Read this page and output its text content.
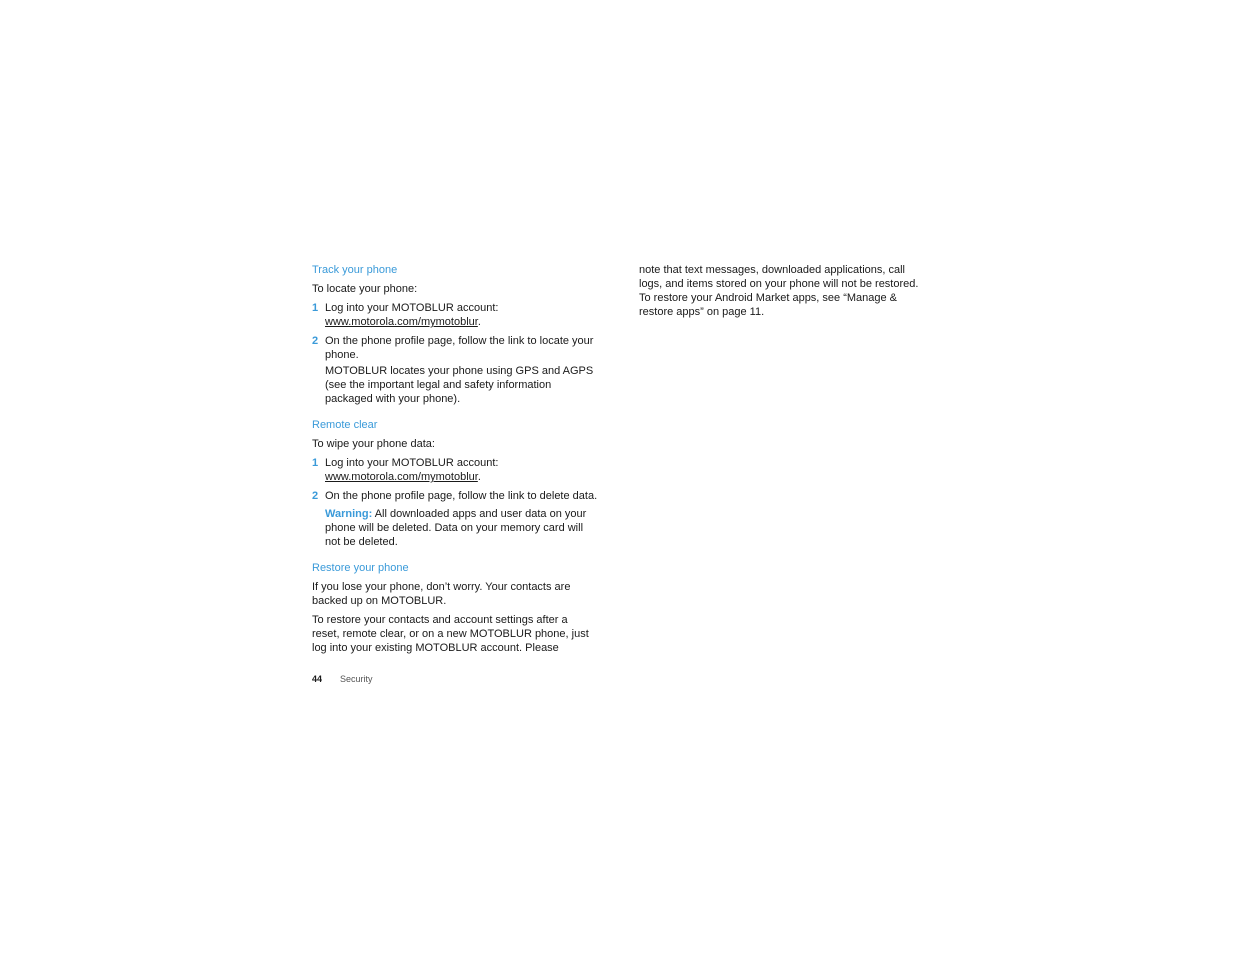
Track your phone
To locate your phone:
1 Log into your MOTOBLUR account:
www.motorola.com/mymotoblur.
2 On the phone profile page, follow the link to locate your phone.
MOTOBLUR locates your phone using GPS and AGPS (see the important legal and safety information packaged with your phone).
Remote clear
To wipe your phone data:
1 Log into your MOTOBLUR account:
www.motorola.com/mymotoblur.
2 On the phone profile page, follow the link to delete data.
Warning: All downloaded apps and user data on your phone will be deleted. Data on your memory card will not be deleted.
Restore your phone
If you lose your phone, don’t worry. Your contacts are backed up on MOTOBLUR.
To restore your contacts and account settings after a reset, remote clear, or on a new MOTOBLUR phone, just log into your existing MOTOBLUR account. Please
note that text messages, downloaded applications, call logs, and items stored on your phone will not be restored. To restore your Android Market apps, see “Manage & restore apps” on page 11.
44 Security
